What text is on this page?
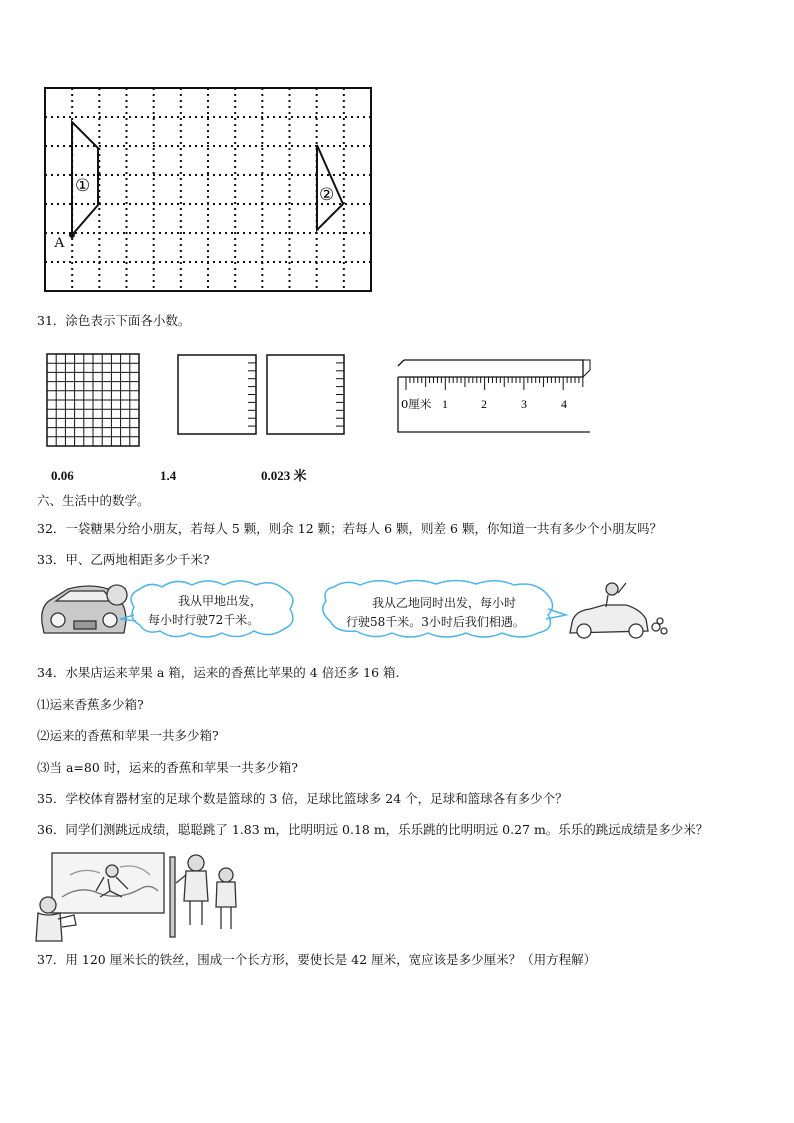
A
①	②
31．涂色表示下面各小数。
0厘米 1	2	3	4
0.06	1.4	0.023 米
六、生活中的数学。
32．一袋糖果分给小朋友，若每人 5 颗，则余 12 颗；若每人 6 颗，则差 6 颗，你知道一共有多少个小朋友吗？
33．甲、乙两地相距多少千米?
我从甲地出发，
每小时行驶72千米。
我从乙地同时出发，每小时
行驶58千米。3小时后我们相遇。
34．水果店运来苹果 a 箱，运来的香蕉比苹果的 4 倍还多 16 箱.
⑴运来香蕉多少箱?
⑵运来的香蕉和苹果一共多少箱?
⑶当 a=80 时，运来的香蕉和苹果一共多少箱?
35．学校体育器材室的足球个数是篮球的 3 倍，足球比篮球多 24 个，足球和篮球各有多少个？
36．同学们测跳远成绩，聪聪跳了 1.83 m，比明明远 0.18 m，乐乐跳的比明明远 0.27 m。乐乐的跳远成绩是多少米？
37．用 120 厘米长的铁丝，围成一个长方形，要使长是 42 厘米，宽应该是多少厘米？（用方程解）
